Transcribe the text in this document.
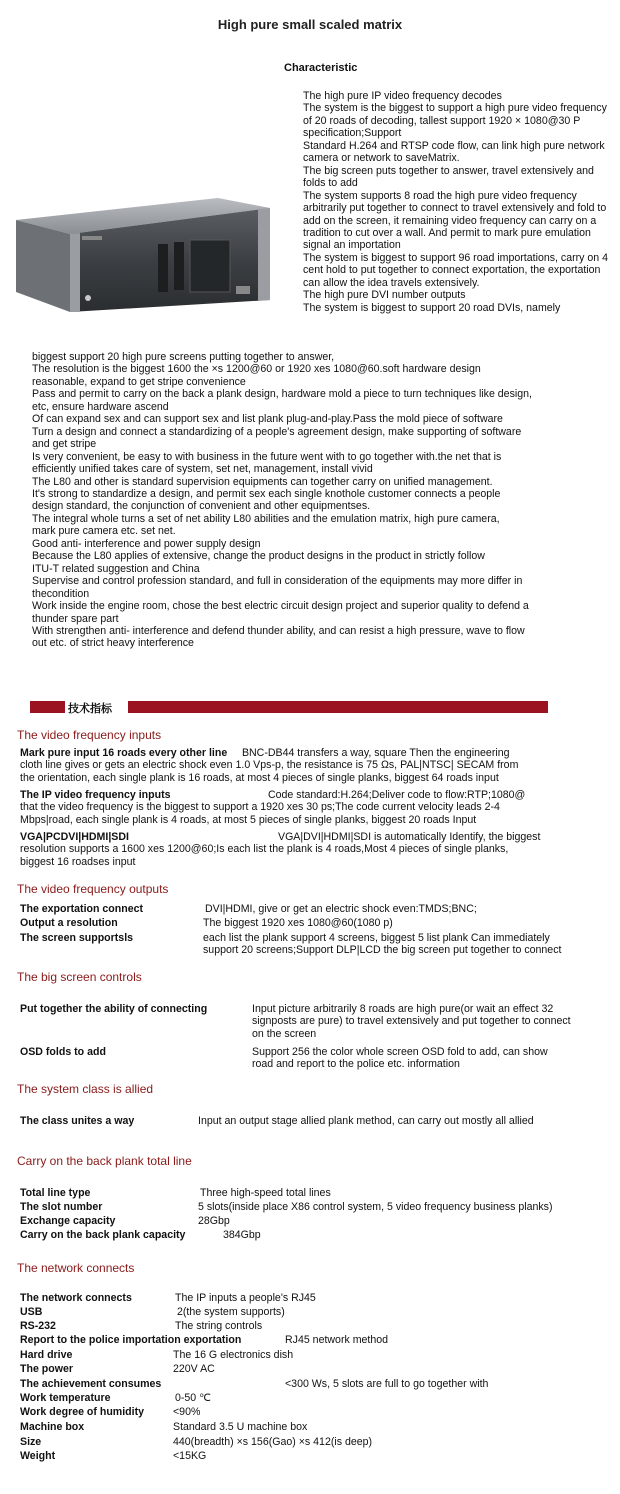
High pure small scaled matrix
Characteristic
The high pure IP video frequency decodes
The system is the biggest to support a high pure video frequency of 20 roads of decoding, tallest support 1920 × 1080@30 P specification;Support
Standard H.264 and RTSP code flow, can link high pure network camera or network to saveMatrix.
The big screen puts together to answer, travel extensively and folds to add
The system supports 8 road the high pure video frequency arbitrarily put together to connect to travel extensively and fold to add on the screen, it remaining video frequency can carry on a tradition to cut over a wall. And permit to mark pure emulation signal an importation
The system is biggest to support 96 road importations, carry on 4 cent hold to put together to connect exportation, the exportation can allow the idea travels extensively.
The high pure DVI number outputs
The system is biggest to support 20 road DVIs, namely
biggest support 20 high pure screens putting together to answer,
The resolution is the biggest 1600 the ×s 1200@60 or 1920 xes 1080@60.soft hardware design
reasonable, expand to get stripe convenience
Pass and permit to carry on the back a plank design, hardware mold a piece to turn techniques like design,
etc, ensure hardware ascend
Of can expand sex and can support sex and list plank plug-and-play.Pass the mold piece of software
Turn a design and connect a standardizing of a people's agreement design, make supporting of software
and get stripe
Is very convenient, be easy to with business in the future went with to go together with.the net that is
efficiently unified takes care of system, set net, management, install vivid
The L80 and other is standard supervision equipments can together carry on unified management.
It's strong to standardize a design, and permit sex each single knothole customer connects a people
design standard, the conjunction of convenient and other equipmentses.
The integral whole turns a set of net ability L80 abilities and the emulation matrix, high pure camera,
mark pure camera etc. set net.
Good anti- interference and power supply design
Because the L80 applies of extensive, change the product designs in the product in strictly follow
ITU-T related suggestion and China
Supervise and control profession standard, and full in consideration of the equipments may more differ in
thecondition
Work inside the engine room, chose the best electric circuit design project and superior quality to defend a
thunder spare part
With strengthen anti- interference and defend thunder ability, and can resist a high pressure, wave to flow
out etc. of strict heavy interference
技术指标
The video frequency inputs
Mark pure input 16 roads every other line BNC-DB44 transfers a way, square Then the engineering
cloth line gives or gets an electric shock even 1.0 Vps-p, the resistance is 75 Ωs, PAL|NTSC| SECAM from
the orientation, each single plank is 16 roads, at most 4 pieces of single planks, biggest 64 roads input
The IP video frequency inputs	Code standard:H.264;Deliver code to flow:RTP;1080@
that the video frequency is the biggest to support a 1920 xes 30 ps;The code current velocity leads 2-4
Mbps|road, each single plank is 4 roads, at most 5 pieces of single planks, biggest 20 roads Input
VGA|PCDVI|HDMI|SDI	VGA|DVI|HDMI|SDI is automatically Identify, the biggest
resolution supports a 1600 xes 1200@60;Is each list the plank is 4 roads,Most 4 pieces of single planks,
biggest 16 roadses input
The video frequency outputs
The exportation connect	DVI|HDMI, give or get an electric shock even:TMDS;BNC;
Output a resolution	The biggest 1920 xes 1080@60(1080 p)
The screen supportsls	each list the plank support 4 screens, biggest 5 list plank Can immediately
support 20 screens;Support DLP|LCD the big screen put together to connect
The big screen controls
Put together the ability of connecting	Input picture arbitrarily 8 roads are high pure(or wait an effect 32
signposts are pure) to travel extensively and put together to connect
on the screen
OSD folds to add	Support 256 the color whole screen OSD fold to add, can show
road and report to the police etc. information
The system class is allied
The class unites a way	Input an output stage allied plank method, can carry out mostly all allied
Carry on the back plank total line
Total line type	Three high-speed total lines
The slot number	5 slots(inside place X86 control system, 5 video frequency business planks)
Exchange capacity	28Gbp
Carry on the back plank capacity	384Gbp
The network connects
The network connects	The IP inputs a people's RJ45
USB	2(the system supports)
RS-232	The string controls
Report to the police importation exportation	RJ45 network method
Hard drive	The 16 G electronics dish
The power	220V AC
The achievement consumes	<300 Ws, 5 slots are full to go together with
Work temperature	0-50 ℃
Work degree of humidity	<90%
Machine box	Standard 3.5 U machine box
Size	440(breadth) ×s 156(Gao) ×s 412(is deep)
Weight	<15KG
